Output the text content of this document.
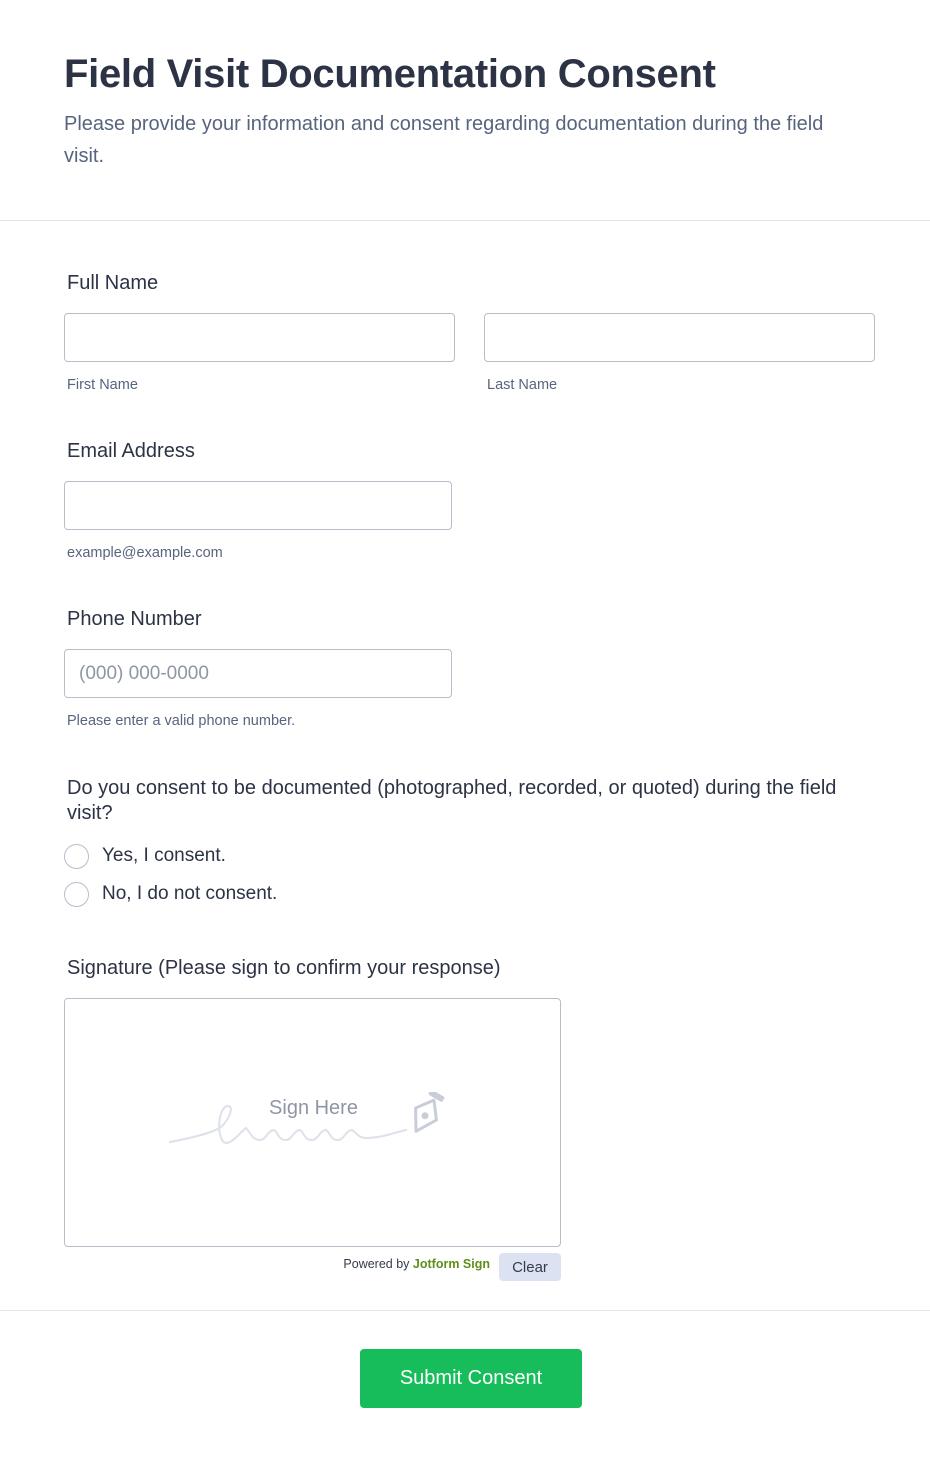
Field Visit Documentation Consent

Please provide your information and consent regarding documentation during the field visit.

Full Name
First Name	Last Name
Email Address
example@example.com
Phone Number
(000) 000-0000
Please enter a valid phone number.

Do you consent to be documented (photographed, recorded, or quoted) during the field visit?

Yes, I consent.
No, I do not consent.
Signature (Please sign to confirm your response)
Sign Here
Powered by Jotform Sign	Clear
Submit Consent
